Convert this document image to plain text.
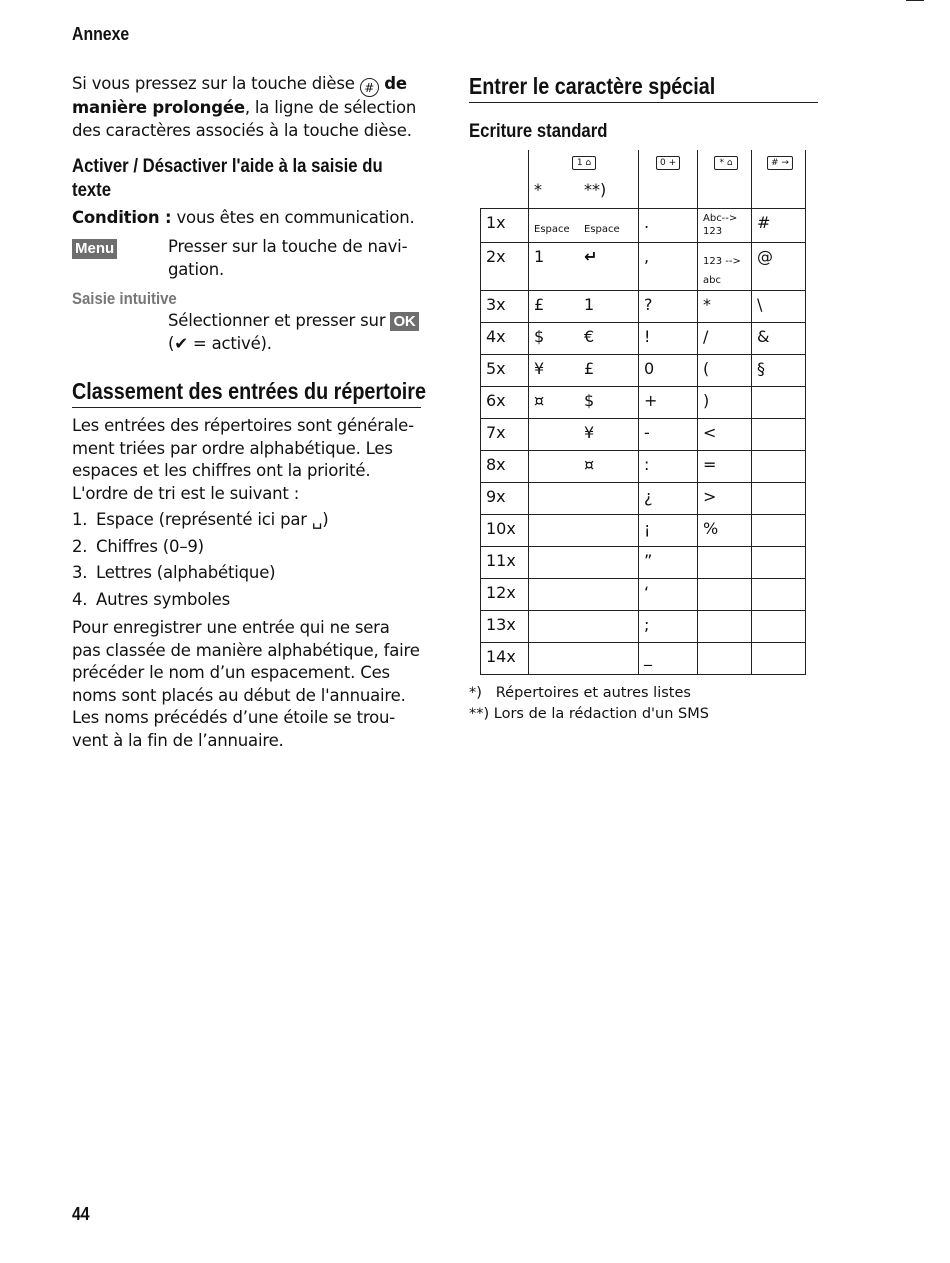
Annexe
Si vous pressez sur la touche dièse # de manière prolongée, la ligne de sélection des caractères associés à la touche dièse.
Activer / Désactiver l'aide à la saisie du texte
Condition : vous êtes en communication.
Menu	Presser sur la touche de navi-
gation.
Saisie intuitive
Sélectionner et presser sur OK
(✔ = activé).
Classement des entrées du répertoire
Les entrées des répertoires sont générale-
ment triées par ordre alphabétique. Les
espaces et les chiffres ont la priorité.
L'ordre de tri est le suivant :
1. Espace (représenté ici par ␣)
2. Chiffres (0–9)
3. Lettres (alphabétique)
4. Autres symboles
Pour enregistrer une entrée qui ne sera
pas classée de manière alphabétique, faire
précéder le nom d’un espacement. Ces
noms sont placés au début de l'annuaire.
Les noms précédés d’une étoile se trou-
vent à la fin de l’annuaire.
Entrer le caractère spécial
Ecriture standard

	1 ⌂
* **)	0 +	* ⌂	# →

1x	Espace Espace	.	Abc-->
123	#
2x	1 ↵	,	123 -->
abc	@
3x	£ 1	?	*	\
4x	$ €	!	/	&
5x	¥ £	0	(	§
6x	¤ $	+	)	
7x	¥	-	<	
8x	¤	:	=	
9x		¿	>	
10x		¡	%	
11x		”		
12x		‘		
13x		;		
14x		_		
*)   Répertoires et autres listes
**) Lors de la rédaction d'un SMS
44
